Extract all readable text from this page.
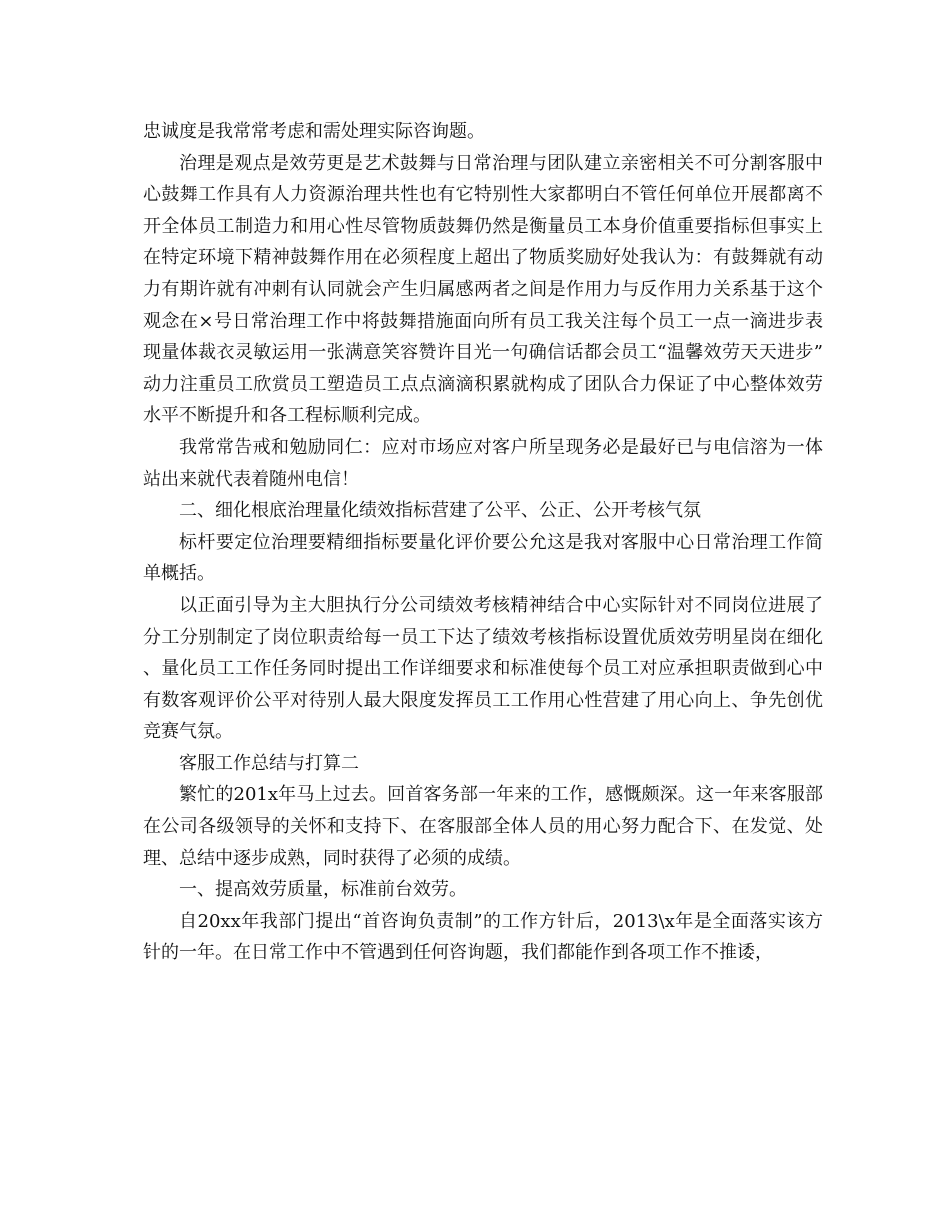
忠诚度是我常常考虑和需处理实际咨询题。

治理是观点是效劳更是艺术鼓舞与日常治理与团队建立亲密相关不可分割客服中心鼓舞工作具有人力资源治理共性也有它特别性大家都明白不管任何单位开展都离不开全体员工制造力和用心性尽管物质鼓舞仍然是衡量员工本身价值重要指标但事实上在特定环境下精神鼓舞作用在必须程度上超出了物质奖励好处我认为：有鼓舞就有动力有期许就有冲刺有认同就会产生归属感两者之间是作用力与反作用力关系基于这个观念在×号日常治理工作中将鼓舞措施面向所有员工我关注每个员工一点一滴进步表现量体裁衣灵敏运用一张满意笑容赞许目光一句确信话都会员工“温馨效劳天天进步”动力注重员工欣赏员工塑造员工点点滴滴积累就构成了团队合力保证了中心整体效劳水平不断提升和各工程标顺利完成。

我常常告戒和勉励同仁：应对市场应对客户所呈现务必是最好已与电信溶为一体站出来就代表着随州电信！

二、细化根底治理量化绩效指标营建了公平、公正、公开考核气氛

标杆要定位治理要精细指标要量化评价要公允这是我对客服中心日常治理工作简单概括。

以正面引导为主大胆执行分公司绩效考核精神结合中心实际针对不同岗位进展了分工分别制定了岗位职责给每一员工下达了绩效考核指标设置优质效劳明星岗在细化、量化员工工作任务同时提出工作详细要求和标准使每个员工对应承担职责做到心中有数客观评价公平对待别人最大限度发挥员工工作用心性营建了用心向上、争先创优竞赛气氛。

客服工作总结与打算二

繁忙的201x年马上过去。回首客务部一年来的工作，感慨颇深。这一年来客服部在公司各级领导的关怀和支持下、在客服部全体人员的用心努力配合下、在发觉、处理、总结中逐步成熟，同时获得了必须的成绩。

一、提高效劳质量，标准前台效劳。

自20xx年我部门提出“首咨询负责制”的工作方针后，2013\x年是全面落实该方针的一年。在日常工作中不管遇到任何咨询题，我们都能作到各项工作不推诿，
